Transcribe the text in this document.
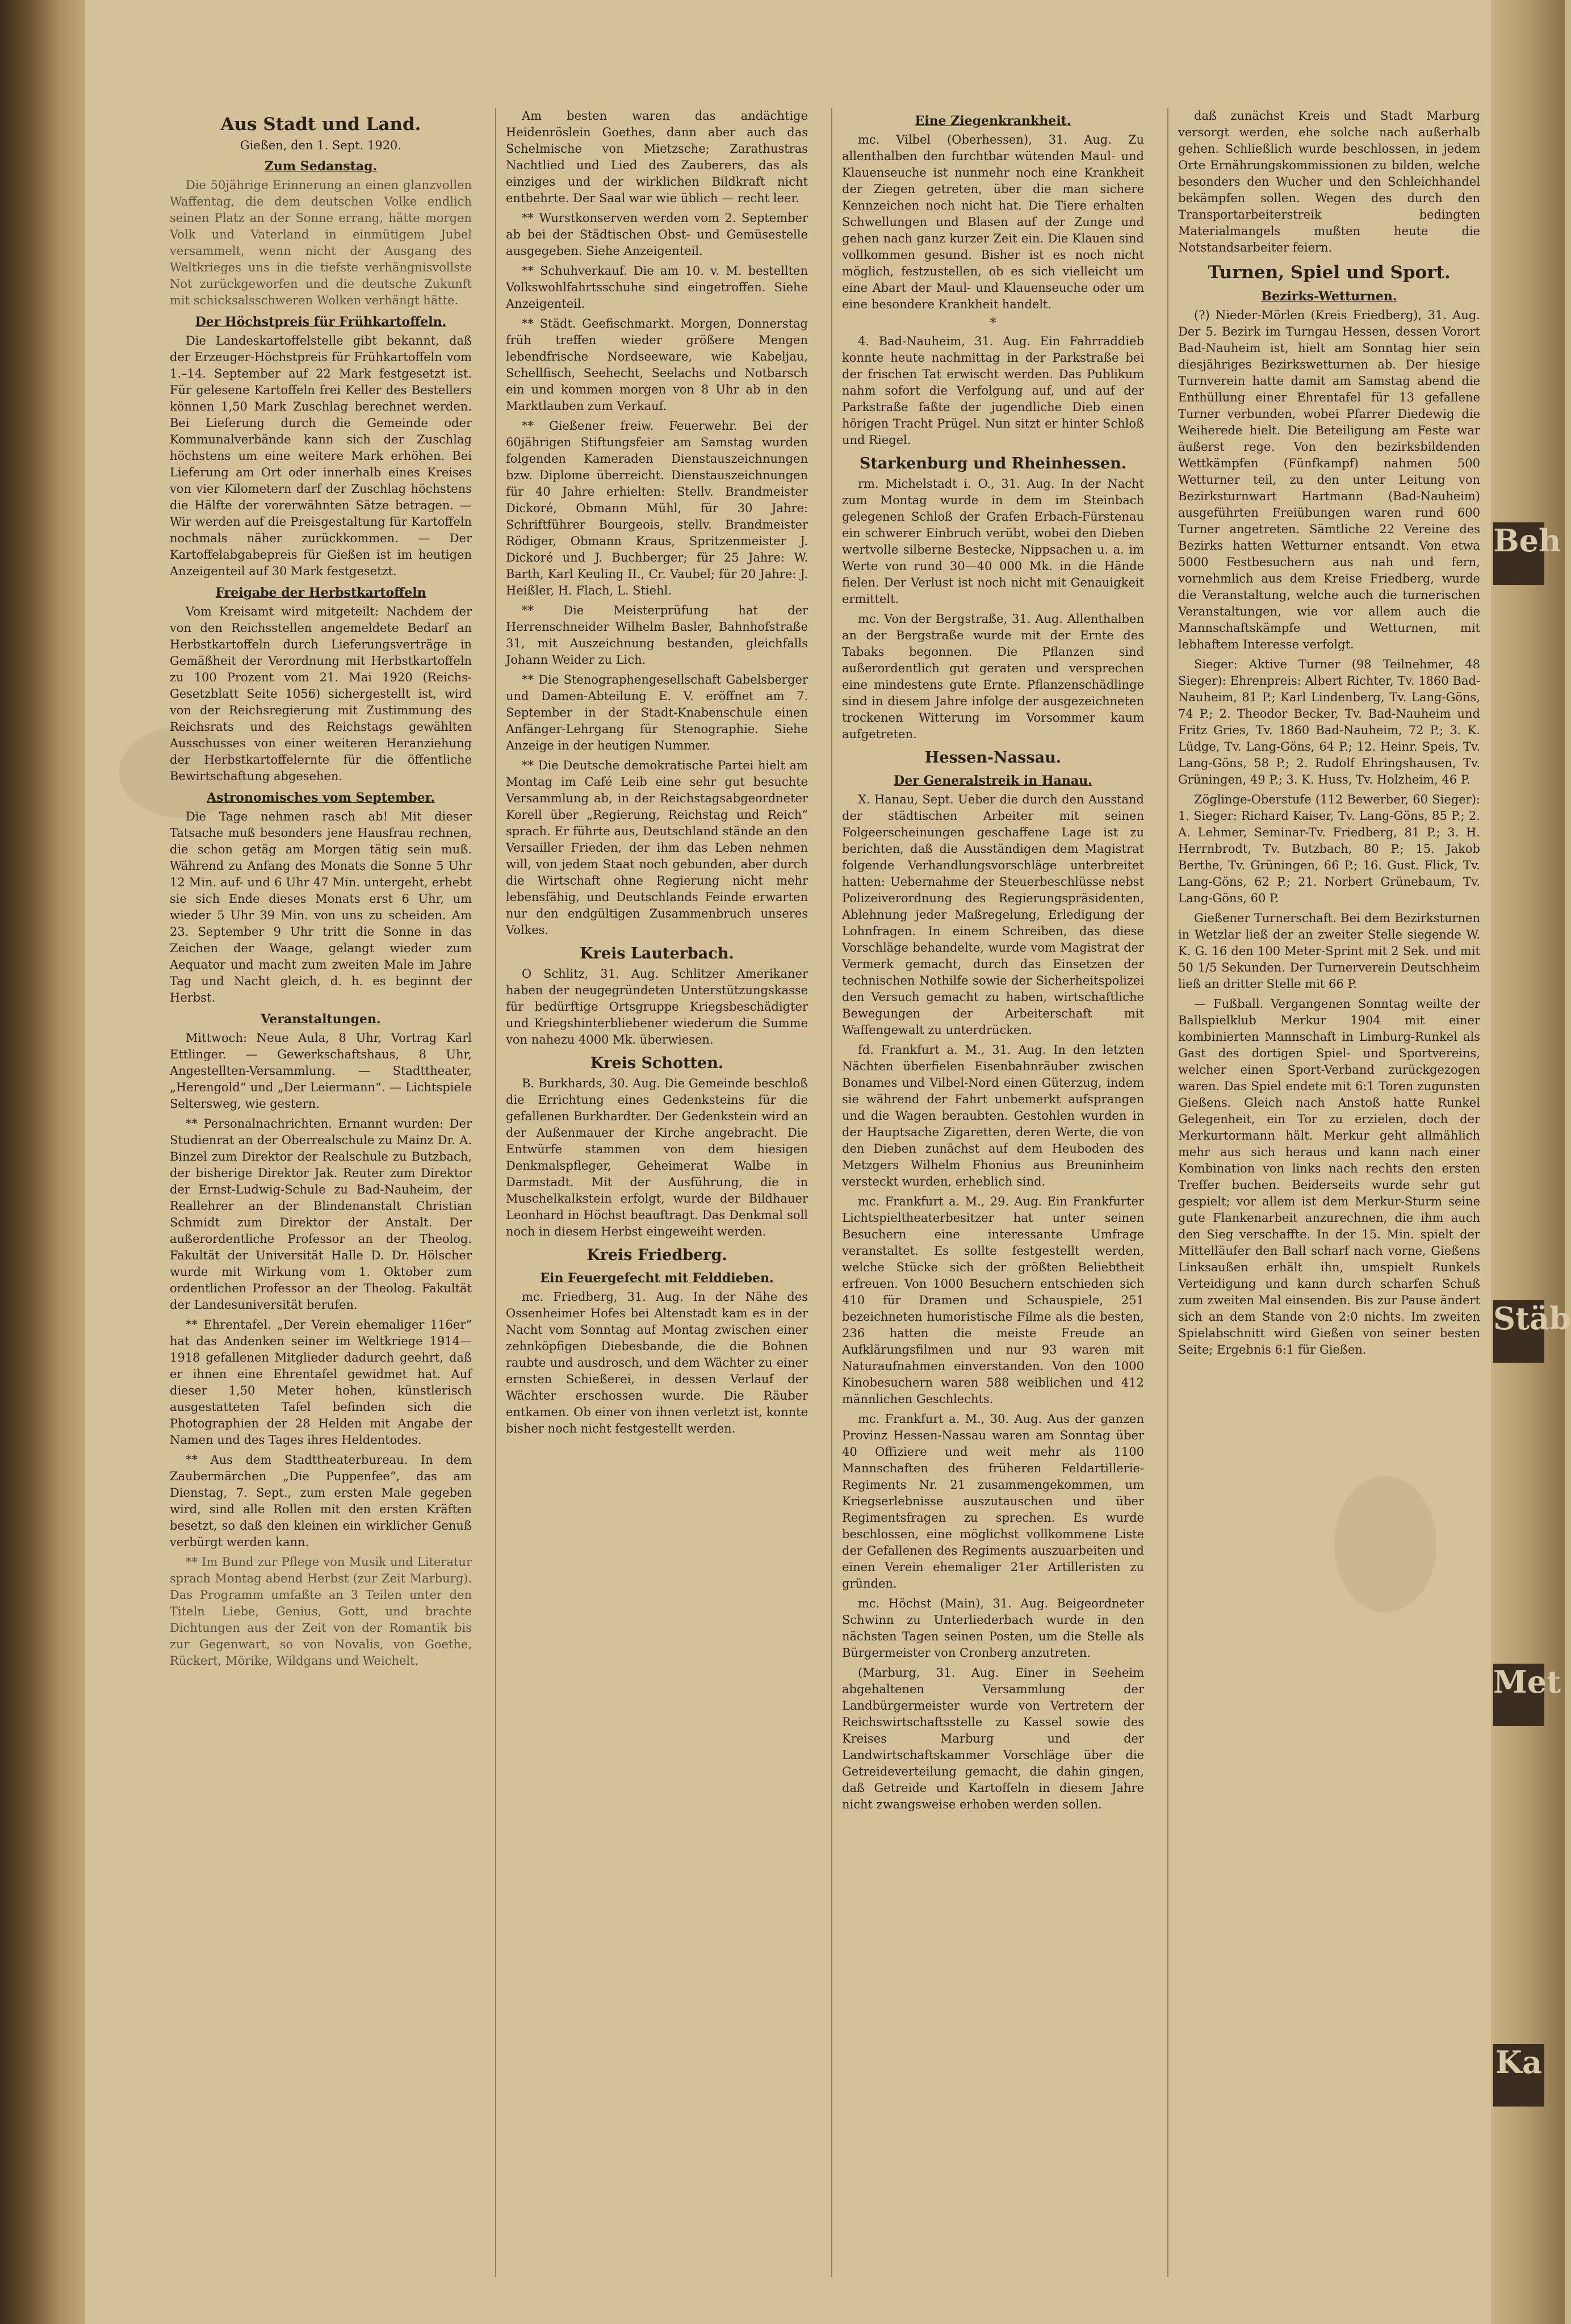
Aus Stadt und Land.
Gießen, den 1. Sept. 1920.
Zum Sedanstag.

Die 50jährige Erinnerung an einen glanzvollen Waffentag, die dem deutschen Volke endlich seinen Platz an der Sonne errang, hätte morgen Volk und Vaterland in einmütigem Jubel versammelt, wenn nicht der Ausgang des Weltkrieges uns in die tiefste verhängnisvollste Not zurückgeworfen und die deutsche Zukunft mit schicksalsschweren Wolken verhängt hätte.

Der Höchstpreis für Frühkartoffeln.

Die Landeskartoffelstelle gibt bekannt, daß der Erzeuger-Höchstpreis für Frühkartoffeln vom 1.–14. September auf 22 Mark festgesetzt ist. Für gelesene Kartoffeln frei Keller des Bestellers können 1,50 Mark Zuschlag berechnet werden. Bei Lieferung durch die Gemeinde oder Kommunalverbände kann sich der Zuschlag höchstens um eine weitere Mark erhöhen. Bei Lieferung am Ort oder innerhalb eines Kreises von vier Kilometern darf der Zuschlag höchstens die Hälfte der vorerwähnten Sätze betragen. — Wir werden auf die Preisgestaltung für Kartoffeln nochmals näher zurückkommen. — Der Kartoffelabgabepreis für Gießen ist im heutigen Anzeigenteil auf 30 Mark festgesetzt.

Freigabe der Herbstkartoffeln

Vom Kreisamt wird mitgeteilt: Nachdem der von den Reichsstellen angemeldete Bedarf an Herbstkartoffeln durch Lieferungsverträge in Gemäßheit der Verordnung mit Herbstkartoffeln zu 100 Prozent vom 21. Mai 1920 (Reichs-Gesetzblatt Seite 1056) sichergestellt ist, wird von der Reichsregierung mit Zustimmung des Reichsrats und des Reichstags gewählten Ausschusses von einer weiteren Heranziehung der Herbstkartoffelernte für die öffentliche Bewirtschaftung abgesehen.

Astronomisches vom September.

Die Tage nehmen rasch ab! Mit dieser Tatsache muß besonders jene Hausfrau rechnen, die schon getäg am Morgen tätig sein muß. Während zu Anfang des Monats die Sonne 5 Uhr 12 Min. auf- und 6 Uhr 47 Min. untergeht, erhebt sie sich Ende dieses Monats erst 6 Uhr, um wieder 5 Uhr 39 Min. von uns zu scheiden. Am 23. September 9 Uhr tritt die Sonne in das Zeichen der Waage, gelangt wieder zum Aequator und macht zum zweiten Male im Jahre Tag und Nacht gleich, d. h. es beginnt der Herbst.

Veranstaltungen.

Mittwoch: Neue Aula, 8 Uhr, Vortrag Karl Ettlinger. — Gewerkschaftshaus, 8 Uhr, Angestellten-Versammlung. — Stadttheater, „Herengold“ und „Der Leiermann“. — Lichtspiele Seltersweg, wie gestern.

** Personalnachrichten. Ernannt wurden: Der Studienrat an der Oberrealschule zu Mainz Dr. A. Binzel zum Direktor der Realschule zu Butzbach, der bisherige Direktor Jak. Reuter zum Direktor der Ernst-Ludwig-Schule zu Bad-Nauheim, der Reallehrer an der Blindenanstalt Christian Schmidt zum Direktor der Anstalt. Der außerordentliche Professor an der Theolog. Fakultät der Universität Halle D. Dr. Hölscher wurde mit Wirkung vom 1. Oktober zum ordentlichen Professor an der Theolog. Fakultät der Landesuniversität berufen.

** Ehrentafel. „Der Verein ehemaliger 116er“ hat das Andenken seiner im Weltkriege 1914—1918 gefallenen Mitglieder dadurch geehrt, daß er ihnen eine Ehrentafel gewidmet hat. Auf dieser 1,50 Meter hohen, künstlerisch ausgestatteten Tafel befinden sich die Photographien der 28 Helden mit Angabe der Namen und des Tages ihres Heldentodes.

** Aus dem Stadttheaterbureau. In dem Zaubermärchen „Die Puppenfee“, das am Dienstag, 7. Sept., zum ersten Male gegeben wird, sind alle Rollen mit den ersten Kräften besetzt, so daß den kleinen ein wirklicher Genuß verbürgt werden kann.

** Im Bund zur Pflege von Musik und Literatur sprach Montag abend Herbst (zur Zeit Marburg). Das Programm umfaßte an 3 Teilen unter den Titeln Liebe, Genius, Gott, und brachte Dichtungen aus der Zeit von der Romantik bis zur Gegenwart, so von Novalis, von Goethe, Rückert, Mörike, Wildgans und Weichelt.

Am besten waren das andächtige Heidenröslein Goethes, dann aber auch das Schelmische von Mietzsche; Zarathustras Nachtlied und Lied des Zauberers, das als einziges und der wirklichen Bildkraft nicht entbehrte. Der Saal war wie üblich — recht leer.

** Wurstkonserven werden vom 2. September ab bei der Städtischen Obst- und Gemüsestelle ausgegeben. Siehe Anzeigenteil.

** Schuhverkauf. Die am 10. v. M. bestellten Volkswohlfahrtsschuhe sind eingetroffen. Siehe Anzeigenteil.

** Städt. Geefischmarkt. Morgen, Donnerstag früh treffen wieder größere Mengen lebendfrische Nordseeware, wie Kabeljau, Schellfisch, Seehecht, Seelachs und Notbarsch ein und kommen morgen von 8 Uhr ab in den Marktlauben zum Verkauf.

** Gießener freiw. Feuerwehr. Bei der 60jährigen Stiftungsfeier am Samstag wurden folgenden Kameraden Dienstauszeichnungen bzw. Diplome überreicht. Dienstauszeichnungen für 40 Jahre erhielten: Stellv. Brandmeister Dickoré, Obmann Mühl, für 30 Jahre: Schriftführer Bourgeois, stellv. Brandmeister Rödiger, Obmann Kraus, Spritzenmeister J. Dickoré und J. Buchberger; für 25 Jahre: W. Barth, Karl Keuling II., Cr. Vaubel; für 20 Jahre: J. Heißler, H. Flach, L. Stiehl.

** Die Meisterprüfung hat der Herrenschneider Wilhelm Basler, Bahnhofstraße 31, mit Auszeichnung bestanden, gleichfalls Johann Weider zu Lich.

** Die Stenographengesellschaft Gabelsberger und Damen-Abteilung E. V. eröffnet am 7. September in der Stadt-Knabenschule einen Anfänger-Lehrgang für Stenographie. Siehe Anzeige in der heutigen Nummer.

** Die Deutsche demokratische Partei hielt am Montag im Café Leib eine sehr gut besuchte Versammlung ab, in der Reichstagsabgeordneter Korell über „Regierung, Reichstag und Reich“ sprach. Er führte aus, Deutschland stände an den Versailler Frieden, der ihm das Leben nehmen will, von jedem Staat noch gebunden, aber durch die Wirtschaft ohne Regierung nicht mehr lebensfähig, und Deutschlands Feinde erwarten nur den endgültigen Zusammenbruch unseres Volkes.

Kreis Lauterbach.

O Schlitz, 31. Aug. Schlitzer Amerikaner haben der neugegründeten Unterstützungskasse für bedürftige Ortsgruppe Kriegsbeschädigter und Kriegshinterbliebener wiederum die Summe von nahezu 4000 Mk. überwiesen.

Kreis Schotten.

B. Burkhards, 30. Aug. Die Gemeinde beschloß die Errichtung eines Gedenksteins für die gefallenen Burkhardter. Der Gedenkstein wird an der Außenmauer der Kirche angebracht. Die Entwürfe stammen von dem hiesigen Denkmalspfleger, Geheimerat Walbe in Darmstadt. Mit der Ausführung, die in Muschelkalkstein erfolgt, wurde der Bildhauer Leonhard in Höchst beauftragt. Das Denkmal soll noch in diesem Herbst eingeweiht werden.

Kreis Friedberg.
Ein Feuergefecht mit Felddieben.

mc. Friedberg, 31. Aug. In der Nähe des Ossenheimer Hofes bei Altenstadt kam es in der Nacht vom Sonntag auf Montag zwischen einer zehnköpfigen Diebesbande, die die Bohnen raubte und ausdrosch, und dem Wächter zu einer ernsten Schießerei, in dessen Verlauf der Wächter erschossen wurde. Die Räuber entkamen. Ob einer von ihnen verletzt ist, konnte bisher noch nicht festgestellt werden.

Eine Ziegenkrankheit.

mc. Vilbel (Oberhessen), 31. Aug. Zu allenthalben den furchtbar wütenden Maul- und Klauenseuche ist nunmehr noch eine Krankheit der Ziegen getreten, über die man sichere Kennzeichen noch nicht hat. Die Tiere erhalten Schwellungen und Blasen auf der Zunge und gehen nach ganz kurzer Zeit ein. Die Klauen sind vollkommen gesund. Bisher ist es noch nicht möglich, festzustellen, ob es sich vielleicht um eine Abart der Maul- und Klauenseuche oder um eine besondere Krankheit handelt.

*

4. Bad-Nauheim, 31. Aug. Ein Fahrraddieb konnte heute nachmittag in der Parkstraße bei der frischen Tat erwischt werden. Das Publikum nahm sofort die Verfolgung auf, und auf der Parkstraße faßte der jugendliche Dieb einen hörigen Tracht Prügel. Nun sitzt er hinter Schloß und Riegel.

Starkenburg und Rheinhessen.

rm. Michelstadt i. O., 31. Aug. In der Nacht zum Montag wurde in dem im Steinbach gelegenen Schloß der Grafen Erbach-Fürstenau ein schwerer Einbruch verübt, wobei den Dieben wertvolle silberne Bestecke, Nippsachen u. a. im Werte von rund 30—40 000 Mk. in die Hände fielen. Der Verlust ist noch nicht mit Genauigkeit ermittelt.

mc. Von der Bergstraße, 31. Aug. Allenthalben an der Bergstraße wurde mit der Ernte des Tabaks begonnen. Die Pflanzen sind außerordentlich gut geraten und versprechen eine mindestens gute Ernte. Pflanzenschädlinge sind in diesem Jahre infolge der ausgezeichneten trockenen Witterung im Vorsommer kaum aufgetreten.

Hessen-Nassau.
Der Generalstreik in Hanau.

X. Hanau, Sept. Ueber die durch den Ausstand der städtischen Arbeiter mit seinen Folgeerscheinungen geschaffene Lage ist zu berichten, daß die Ausständigen dem Magistrat folgende Verhandlungsvorschläge unterbreitet hatten: Uebernahme der Steuerbeschlüsse nebst Polizeiverordnung des Regierungspräsidenten, Ablehnung jeder Maßregelung, Erledigung der Lohnfragen. In einem Schreiben, das diese Vorschläge behandelte, wurde vom Magistrat der Vermerk gemacht, durch das Einsetzen der technischen Nothilfe sowie der Sicherheitspolizei den Versuch gemacht zu haben, wirtschaftliche Bewegungen der Arbeiterschaft mit Waffengewalt zu unterdrücken.

fd. Frankfurt a. M., 31. Aug. In den letzten Nächten überfielen Eisenbahnräuber zwischen Bonames und Vilbel-Nord einen Güterzug, indem sie während der Fahrt unbemerkt aufsprangen und die Wagen beraubten. Gestohlen wurden in der Hauptsache Zigaretten, deren Werte, die von den Dieben zunächst auf dem Heuboden des Metzgers Wilhelm Fhonius aus Breuninheim versteckt wurden, erheblich sind.

mc. Frankfurt a. M., 29. Aug. Ein Frankfurter Lichtspieltheaterbesitzer hat unter seinen Besuchern eine interessante Umfrage veranstaltet. Es sollte festgestellt werden, welche Stücke sich der größten Beliebtheit erfreuen. Von 1000 Besuchern entschieden sich 410 für Dramen und Schauspiele, 251 bezeichneten humoristische Filme als die besten, 236 hatten die meiste Freude an Aufklärungsfilmen und nur 93 waren mit Naturaufnahmen einverstanden. Von den 1000 Kinobesuchern waren 588 weiblichen und 412 männlichen Geschlechts.

mc. Frankfurt a. M., 30. Aug. Aus der ganzen Provinz Hessen-Nassau waren am Sonntag über 40 Offiziere und weit mehr als 1100 Mannschaften des früheren Feldartillerie-Regiments Nr. 21 zusammengekommen, um Kriegserlebnisse auszutauschen und über Regimentsfragen zu sprechen. Es wurde beschlossen, eine möglichst vollkommene Liste der Gefallenen des Regiments auszuarbeiten und einen Verein ehemaliger 21er Artilleristen zu gründen.

mc. Höchst (Main), 31. Aug. Beigeordneter Schwinn zu Unterliederbach wurde in den nächsten Tagen seinen Posten, um die Stelle als Bürgermeister von Cronberg anzutreten.

(Marburg, 31. Aug. Einer in Seeheim abgehaltenen Versammlung der Landbürgermeister wurde von Vertretern der Reichswirtschaftsstelle zu Kassel sowie des Kreises Marburg und der Landwirtschaftskammer Vorschläge über die Getreideverteilung gemacht, die dahin gingen, daß Getreide und Kartoffeln in diesem Jahre nicht zwangsweise erhoben werden sollen.

daß zunächst Kreis und Stadt Marburg versorgt werden, ehe solche nach außerhalb gehen. Schließlich wurde beschlossen, in jedem Orte Ernährungskommissionen zu bilden, welche besonders den Wucher und den Schleichhandel bekämpfen sollen. Wegen des durch den Transportarbeiterstreik bedingten Materialmangels mußten heute die Notstandsarbeiter feiern.

Turnen, Spiel und Sport.
Bezirks-Wetturnen.

(?) Nieder-Mörlen (Kreis Friedberg), 31. Aug. Der 5. Bezirk im Turngau Hessen, dessen Vorort Bad-Nauheim ist, hielt am Sonntag hier sein diesjähriges Bezirkswetturnen ab. Der hiesige Turnverein hatte damit am Samstag abend die Enthüllung einer Ehrentafel für 13 gefallene Turner verbunden, wobei Pfarrer Diedewig die Weiherede hielt. Die Beteiligung am Feste war äußerst rege. Von den bezirksbildenden Wettkämpfen (Fünfkampf) nahmen 500 Wetturner teil, zu den unter Leitung von Bezirksturnwart Hartmann (Bad-Nauheim) ausgeführten Freiübungen waren rund 600 Turner angetreten. Sämtliche 22 Vereine des Bezirks hatten Wetturner entsandt. Von etwa 5000 Festbesuchern aus nah und fern, vornehmlich aus dem Kreise Friedberg, wurde die Veranstaltung, welche auch die turnerischen Veranstaltungen, wie vor allem auch die Mannschaftskämpfe und Wetturnen, mit lebhaftem Interesse verfolgt.

Sieger: Aktive Turner (98 Teilnehmer, 48 Sieger): Ehrenpreis: Albert Richter, Tv. 1860 Bad-Nauheim, 81 P.; Karl Lindenberg, Tv. Lang-Göns, 74 P.; 2. Theodor Becker, Tv. Bad-Nauheim und Fritz Gries, Tv. 1860 Bad-Nauheim, 72 P.; 3. K. Lüdge, Tv. Lang-Göns, 64 P.; 12. Heinr. Speis, Tv. Lang-Göns, 58 P.; 2. Rudolf Ehringshausen, Tv. Grüningen, 49 P.; 3. K. Huss, Tv. Holzheim, 46 P.

Zöglinge-Oberstufe (112 Bewerber, 60 Sieger): 1. Sieger: Richard Kaiser, Tv. Lang-Göns, 85 P.; 2. A. Lehmer, Seminar-Tv. Friedberg, 81 P.; 3. H. Herrnbrodt, Tv. Butzbach, 80 P.; 15. Jakob Berthe, Tv. Grüningen, 66 P.; 16. Gust. Flick, Tv. Lang-Göns, 62 P.; 21. Norbert Grünebaum, Tv. Lang-Göns, 60 P.

Gießener Turnerschaft. Bei dem Bezirksturnen in Wetzlar ließ der an zweiter Stelle siegende W. K. G. 16 den 100 Meter-Sprint mit 2 Sek. und mit 50 1/5 Sekunden. Der Turnerverein Deutschheim ließ an dritter Stelle mit 66 P.

— Fußball. Vergangenen Sonntag weilte der Ballspielklub Merkur 1904 mit einer kombinierten Mannschaft in Limburg-Runkel als Gast des dortigen Spiel- und Sportvereins, welcher einen Sport-Verband zurückgezogen waren. Das Spiel endete mit 6:1 Toren zugunsten Gießens. Gleich nach Anstoß hatte Runkel Gelegenheit, ein Tor zu erzielen, doch der Merkurtormann hält. Merkur geht allmählich mehr aus sich heraus und kann nach einer Kombination von links nach rechts den ersten Treffer buchen. Beiderseits wurde sehr gut gespielt; vor allem ist dem Merkur-Sturm seine gute Flankenarbeit anzurechnen, die ihm auch den Sieg verschaffte. In der 15. Min. spielt der Mittelläufer den Ball scharf nach vorne, Gießens Linksaußen erhält ihn, umspielt Runkels Verteidigung und kann durch scharfen Schuß zum zweiten Mal einsenden. Bis zur Pause ändert sich an dem Stande von 2:0 nichts. Im zweiten Spielabschnitt wird Gießen von seiner besten Seite; Ergebnis 6:1 für Gießen.

Beh
Stäb
Met
Ka
